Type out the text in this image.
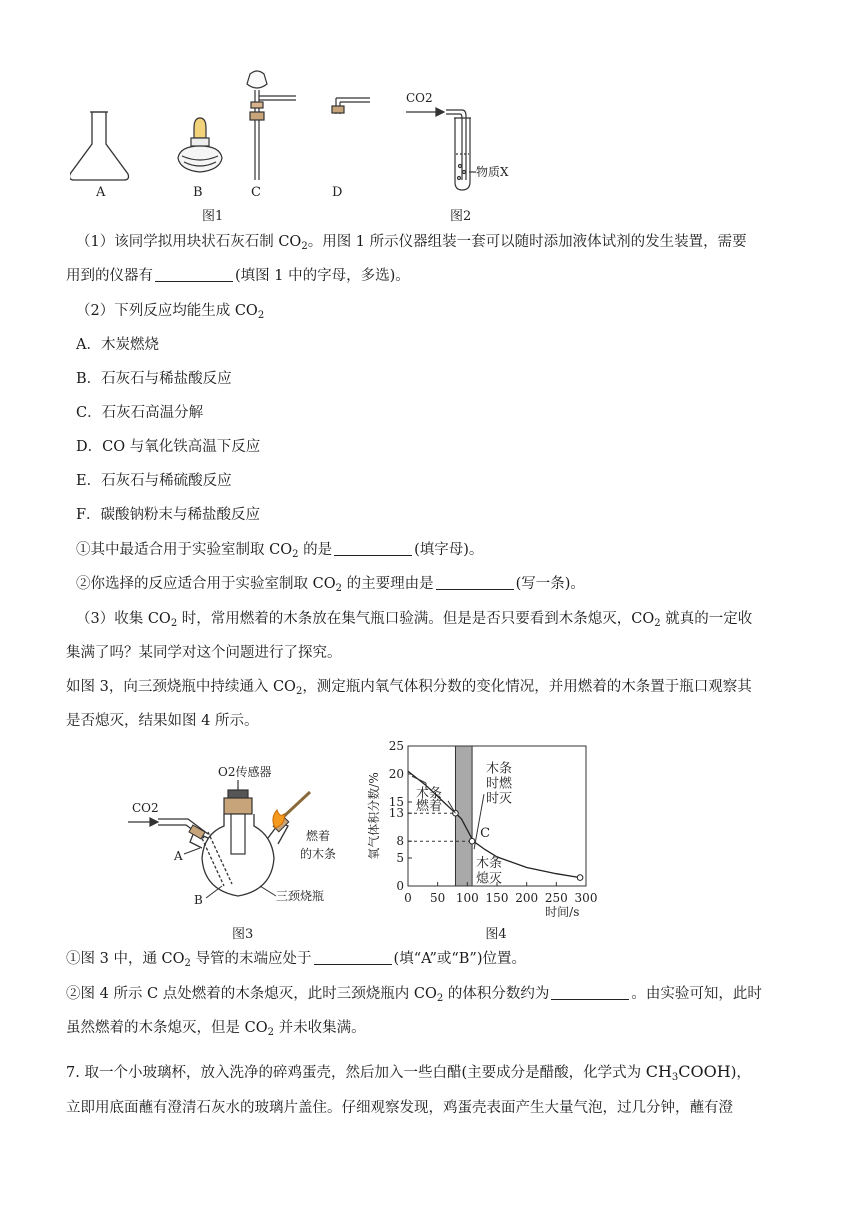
A	B	C	D
图1
CO2
物质X
图2
（1）该同学拟用块状石灰石制 $CO_2$。用图 1 所示仪器组装一套可以随时添加液体试剂的发生装置，需要
用到的仪器有	(填图 1 中的字母，多选)。
（2）下列反应均能生成 $CO_2$
A．木炭燃烧
B．石灰石与稀盐酸反应
C．石灰石高温分解
D．CO 与氧化铁高温下反应
E．石灰石与稀硫酸反应
F．碳酸钠粉末与稀盐酸反应
①其中最适合用于实验室制取 $CO_2$ 的是	(填字母)。
②你选择的反应适合用于实验室制取 $CO_2$ 的主要理由是	(写一条)。
（3）收集 $CO_2$ 时，常用燃着的木条放在集气瓶口验满。但是是否只要看到木条熄灭，$CO_2$ 就真的一定收
集满了吗？某同学对这个问题进行了探究。
如图 3，向三颈烧瓶中持续通入 $CO_2$，测定瓶内氧气体积分数的变化情况，并用燃着的木条置于瓶口观察其
是否熄灭，结果如图 4 所示。
O2传感器
CO2
A
B
燃着
的木条
三颈烧瓶
图3
0
5
8
13
15
20
25
0 50 100 150 200 250 300
C
时间/s
氧气体积分数/%	木条
燃着
木条
时燃
时灭
木条
熄灭
图4
①图 3 中，通 $CO_2$ 导管的末端应处于	(填“A”或“B”)位置。
②图 4 所示 C 点处燃着的木条熄灭，此时三颈烧瓶内 $CO_2$ 的体积分数约为	。由实验可知，此时
虽然燃着的木条熄灭，但是 $CO_2$ 并未收集满。
7. 取一个小玻璃杯，放入洗净的碎鸡蛋壳，然后加入一些白醋(主要成分是醋酸，化学式为 $CH_3COOH$)，
立即用底面蘸有澄清石灰水的玻璃片盖住。仔细观察发现，鸡蛋壳表面产生大量气泡，过几分钟，蘸有澄
